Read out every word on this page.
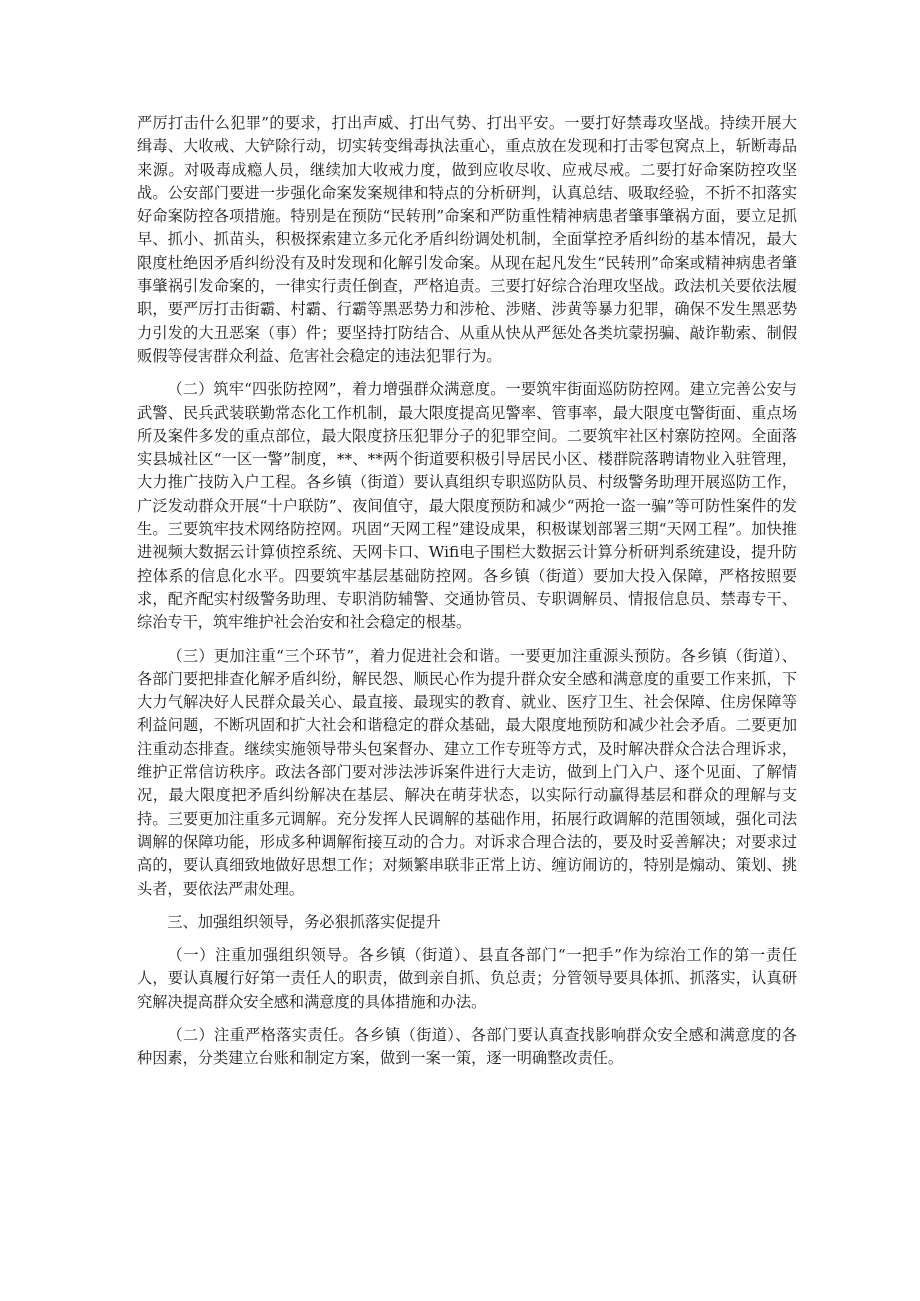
严厉打击什么犯罪”的要求，打出声威、打出气势、打出平安。一要打好禁毒攻坚战。持续开展大缉毒、大收戒、大铲除行动，切实转变缉毒执法重心，重点放在发现和打击零包窝点上，斩断毒品来源。对吸毒成瘾人员，继续加大收戒力度，做到应收尽收、应戒尽戒。二要打好命案防控攻坚战。公安部门要进一步强化命案发案规律和特点的分析研判，认真总结、吸取经验，不折不扣落实好命案防控各项措施。特别是在预防“民转刑”命案和严防重性精神病患者肇事肇祸方面，要立足抓早、抓小、抓苗头，积极探索建立多元化矛盾纠纷调处机制，全面掌控矛盾纠纷的基本情况，最大限度杜绝因矛盾纠纷没有及时发现和化解引发命案。从现在起凡发生“民转刑”命案或精神病患者肇事肇祸引发命案的，一律实行责任倒查，严格追责。三要打好综合治理攻坚战。政法机关要依法履职，要严厉打击街霸、村霸、行霸等黑恶势力和涉枪、涉赌、涉黄等暴力犯罪，确保不发生黑恶势力引发的大丑恶案（事）件；要坚持打防结合、从重从快从严惩处各类坑蒙拐骗、敲诈勒索、制假贩假等侵害群众利益、危害社会稳定的违法犯罪行为。

（二）筑牢“四张防控网”，着力增强群众满意度。一要筑牢街面巡防防控网。建立完善公安与武警、民兵武装联勤常态化工作机制，最大限度提高见警率、管事率，最大限度屯警街面、重点场所及案件多发的重点部位，最大限度挤压犯罪分子的犯罪空间。二要筑牢社区村寨防控网。全面落实县城社区“一区一警”制度，**、**两个街道要积极引导居民小区、楼群院落聘请物业入驻管理，大力推广技防入户工程。各乡镇（街道）要认真组织专职巡防队员、村级警务助理开展巡防工作，广泛发动群众开展“十户联防”、夜间值守，最大限度预防和减少“两抢一盗一骗”等可防性案件的发生。三要筑牢技术网络防控网。巩固“天网工程”建设成果，积极谋划部署三期“天网工程”。加快推进视频大数据云计算侦控系统、天网卡口、Wifi电子围栏大数据云计算分析研判系统建设，提升防控体系的信息化水平。四要筑牢基层基础防控网。各乡镇（街道）要加大投入保障，严格按照要求，配齐配实村级警务助理、专职消防辅警、交通协管员、专职调解员、情报信息员、禁毒专干、综治专干，筑牢维护社会治安和社会稳定的根基。

（三）更加注重“三个环节”，着力促进社会和谐。一要更加注重源头预防。各乡镇（街道）、各部门要把排查化解矛盾纠纷，解民怨、顺民心作为提升群众安全感和满意度的重要工作来抓，下大力气解决好人民群众最关心、最直接、最现实的教育、就业、医疗卫生、社会保障、住房保障等利益问题，不断巩固和扩大社会和谐稳定的群众基础，最大限度地预防和减少社会矛盾。二要更加注重动态排查。继续实施领导带头包案督办、建立工作专班等方式，及时解决群众合法合理诉求，维护正常信访秩序。政法各部门要对涉法涉诉案件进行大走访，做到上门入户、逐个见面、了解情况，最大限度把矛盾纠纷解决在基层、解决在萌芽状态，以实际行动赢得基层和群众的理解与支持。三要更加注重多元调解。充分发挥人民调解的基础作用，拓展行政调解的范围领域，强化司法调解的保障功能，形成多种调解衔接互动的合力。对诉求合理合法的，要及时妥善解决；对要求过高的，要认真细致地做好思想工作；对频繁串联非正常上访、缠访闹访的，特别是煽动、策划、挑头者，要依法严肃处理。

三、加强组织领导，务必狠抓落实促提升

（一）注重加强组织领导。各乡镇（街道）、县直各部门“一把手”作为综治工作的第一责任人，要认真履行好第一责任人的职责，做到亲自抓、负总责；分管领导要具体抓、抓落实，认真研究解决提高群众安全感和满意度的具体措施和办法。

（二）注重严格落实责任。各乡镇（街道）、各部门要认真查找影响群众安全感和满意度的各种因素，分类建立台账和制定方案，做到一案一策，逐一明确整改责任。
